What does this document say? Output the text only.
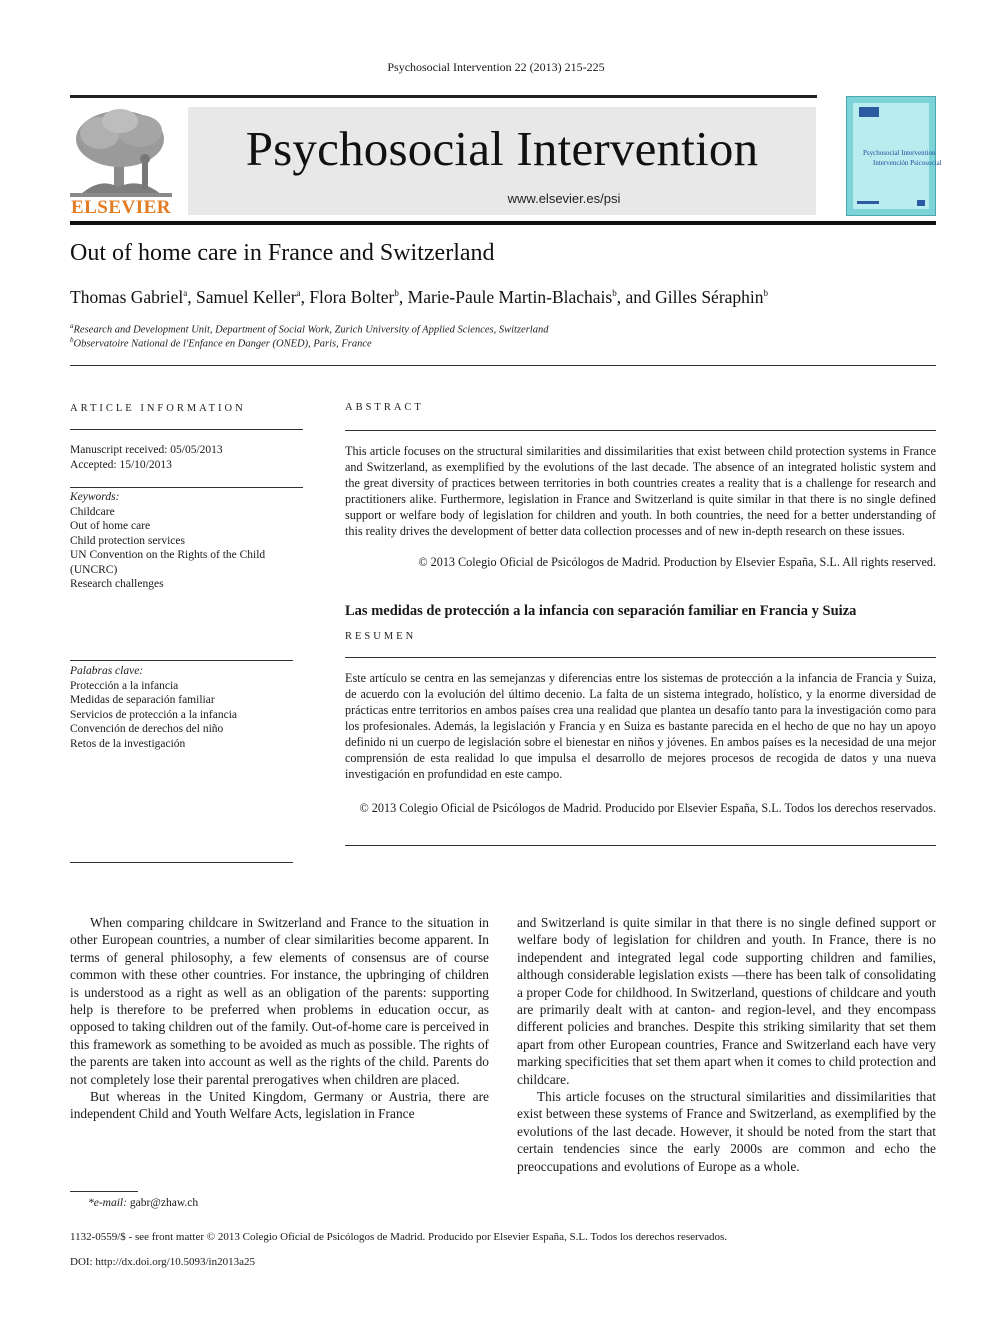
Psychosocial Intervention 22 (2013) 215-225
ELSEVIER
Psychosocial Intervention
www.elsevier.es/psi
Psychosocial Intervention
Intervención Psicosocial
Out of home care in France and Switzerland
Thomas Gabriel$^a$, Samuel Keller$^a$, Flora Bolter$^b$, Marie-Paule Martin-Blachais$^b$, and Gilles Séraphin$^b$
$^a$Research and Development Unit, Department of Social Work, Zurich University of Applied Sciences, Switzerland
$^b$Observatoire National de l'Enfance en Danger (ONED), Paris, France
ARTICLE INFORMATION
Manuscript received: 05/05/2013
Accepted: 15/10/2013
Keywords:
Childcare
Out of home care
Child protection services
UN Convention on the Rights of the Child
(UNCRC)
Research challenges
Palabras clave:
Protección a la infancia
Medidas de separación familiar
Servicios de protección a la infancia
Convención de derechos del niño
Retos de la investigación
ABSTRACT
This article focuses on the structural similarities and dissimilarities that exist between child protection systems in France and Switzerland, as exemplified by the evolutions of the last decade. The absence of an integrated holistic system and the great diversity of practices between territories in both countries creates a reality that is a challenge for research and practitioners alike. Furthermore, legislation in France and Switzerland is quite similar in that there is no single defined support or welfare body of legislation for children and youth. In both countries, the need for a better understanding of this reality drives the development of better data collection processes and of new in-depth research on these issues.
© 2013 Colegio Oficial de Psicólogos de Madrid. Production by Elsevier España, S.L. All rights reserved.
Las medidas de protección a la infancia con separación familiar en Francia y Suiza
RESUMEN
Este artículo se centra en las semejanzas y diferencias entre los sistemas de protección a la infancia de Francia y Suiza, de acuerdo con la evolución del último decenio. La falta de un sistema integrado, holístico, y la enorme diversidad de prácticas entre territorios en ambos países crea una realidad que plantea un desafío tanto para la investigación como para los profesionales. Además, la legislación y Francia y en Suiza es bastante parecida en el hecho de que no hay un apoyo definido ni un cuerpo de legislación sobre el bienestar en niños y jóvenes. En ambos países es la necesidad de una mejor comprensión de esta realidad lo que impulsa el desarrollo de mejores procesos de recogida de datos y una nueva investigación en profundidad en este campo.
© 2013 Colegio Oficial de Psicólogos de Madrid. Producido por Elsevier España, S.L. Todos los derechos reservados.

When comparing childcare in Switzerland and France to the situation in other European countries, a number of clear similarities become apparent. In terms of general philosophy, a few elements of consensus are of course common with these other countries. For instance, the upbringing of children is understood as a right as well as an obligation of the parents: supporting help is therefore to be preferred when problems in education occur, as opposed to taking children out of the family. Out-of-home care is perceived in this framework as something to be avoided as much as possible. The rights of the parents are taken into account as well as the rights of the child. Parents do not completely lose their parental prerogatives when children are placed.

But whereas in the United Kingdom, Germany or Austria, there are independent Child and Youth Welfare Acts, legislation in France

and Switzerland is quite similar in that there is no single defined support or welfare body of legislation for children and youth. In France, there is no independent and integrated legal code supporting children and families, although considerable legislation exists —there has been talk of consolidating a proper Code for childhood. In Switzerland, questions of childcare and youth are primarily dealt with at canton- and region-level, and they encompass different policies and branches. Despite this striking similarity that set them apart from other European countries, France and Switzerland each have very marking specificities that set them apart when it comes to child protection and childcare.

This article focuses on the structural similarities and dissimilarities that exist between these systems of France and Switzerland, as exemplified by the evolutions of the last decade. However, it should be noted from the start that certain tendencies since the early 2000s are common and echo the preoccupations and evolutions of Europe as a whole.

*e-mail: gabr@zhaw.ch
1132-0559/$ - see front matter © 2013 Colegio Oficial de Psicólogos de Madrid. Producido por Elsevier España, S.L. Todos los derechos reservados.
DOI: http://dx.doi.org/10.5093/in2013a25
